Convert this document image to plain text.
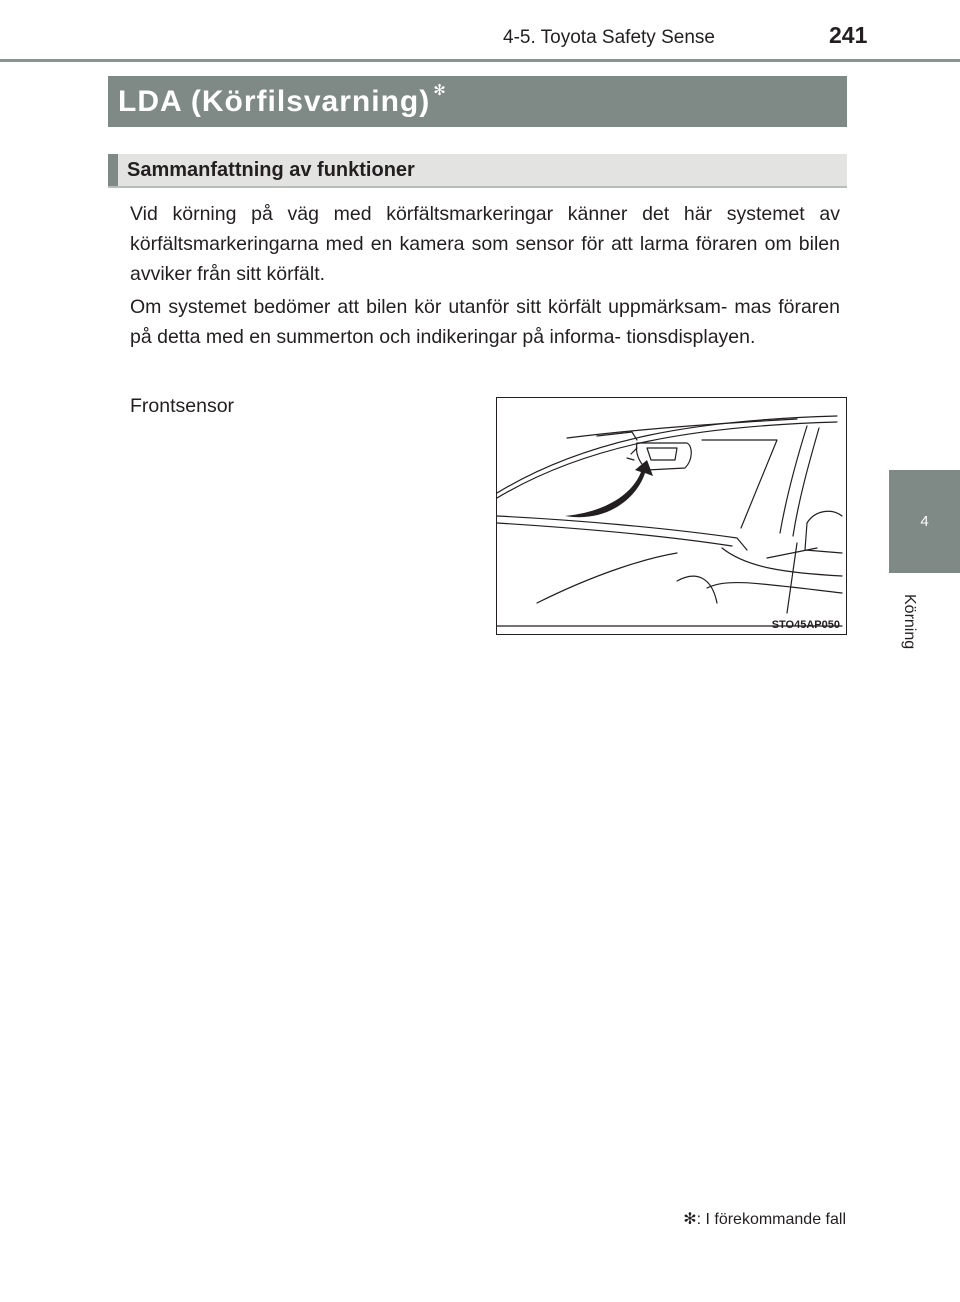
4-5. Toyota Safety Sense	241
LDA (Körfilsvarning) ✻
Sammanfattning av funktioner

Vid körning på väg med körfältsmarkeringar känner det här systemet av körfältsmarkeringarna med en kamera som sensor för att larma föraren om bilen avviker från sitt körfält.

Om systemet bedömer att bilen kör utanför sitt körfält uppmärksam- mas föraren på detta med en summerton och indikeringar på informa- tionsdisplayen.

Frontsensor
STO45AP050
4
Körning
✻: I förekommande fall
